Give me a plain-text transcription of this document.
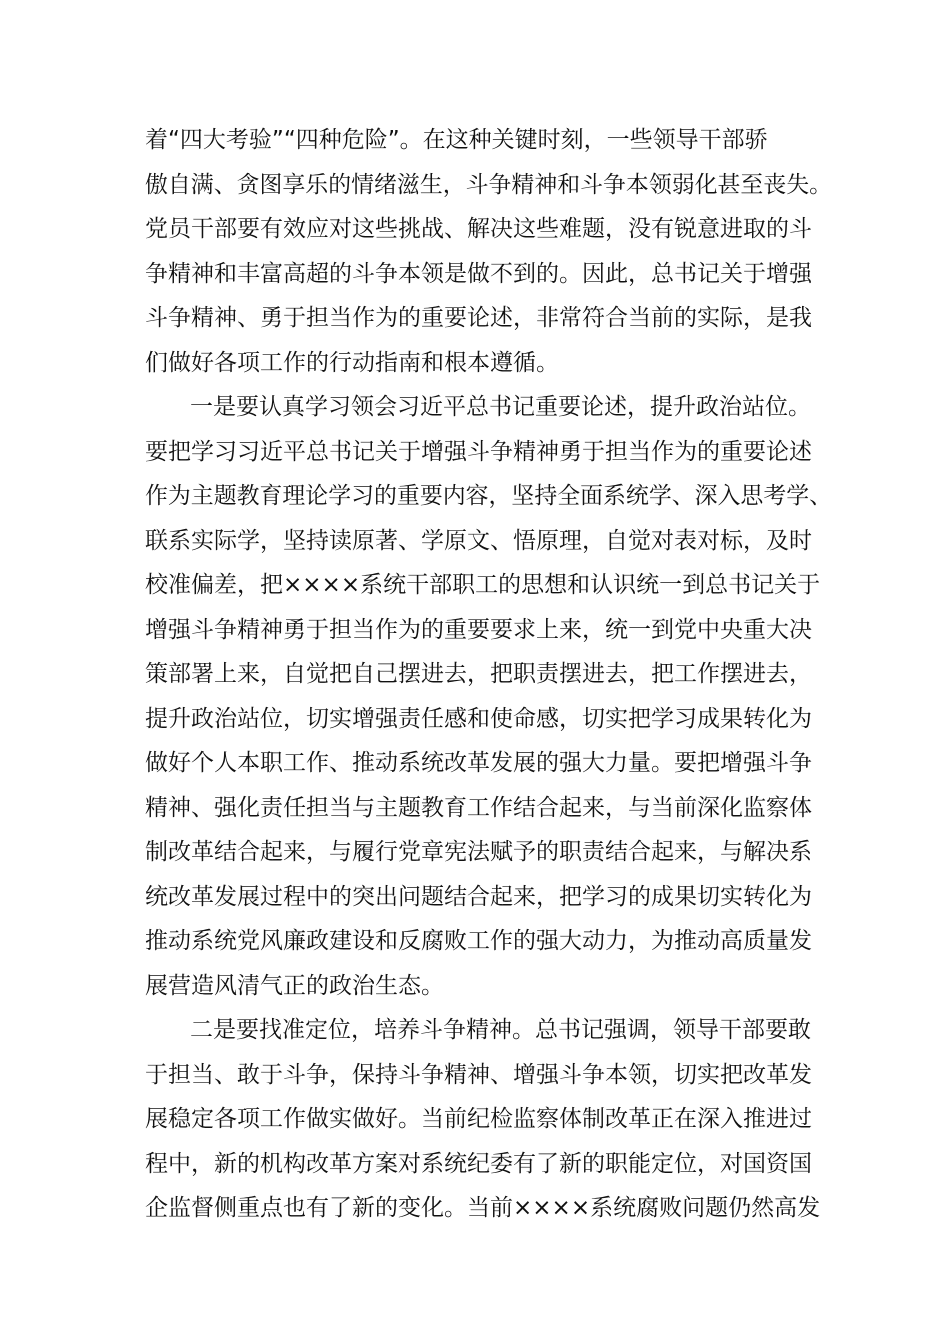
着“四大考验”“四种危险”。在这种关键时刻，一些领导干部骄
傲自满、贪图享乐的情绪滋生，斗争精神和斗争本领弱化甚至丧失。
党员干部要有效应对这些挑战、解决这些难题，没有锐意进取的斗
争精神和丰富高超的斗争本领是做不到的。因此，总书记关于增强
斗争精神、勇于担当作为的重要论述，非常符合当前的实际，是我
们做好各项工作的行动指南和根本遵循。
一是要认真学习领会习近平总书记重要论述，提升政治站位。
要把学习习近平总书记关于增强斗争精神勇于担当作为的重要论述
作为主题教育理论学习的重要内容，坚持全面系统学、深入思考学、
联系实际学，坚持读原著、学原文、悟原理，自觉对表对标，及时
校准偏差，把××××系统干部职工的思想和认识统一到总书记关于
增强斗争精神勇于担当作为的重要要求上来，统一到党中央重大决
策部署上来，自觉把自己摆进去，把职责摆进去，把工作摆进去，
提升政治站位，切实增强责任感和使命感，切实把学习成果转化为
做好个人本职工作、推动系统改革发展的强大力量。要把增强斗争
精神、强化责任担当与主题教育工作结合起来，与当前深化监察体
制改革结合起来，与履行党章宪法赋予的职责结合起来，与解决系
统改革发展过程中的突出问题结合起来，把学习的成果切实转化为
推动系统党风廉政建设和反腐败工作的强大动力，为推动高质量发
展营造风清气正的政治生态。
二是要找准定位，培养斗争精神。总书记强调，领导干部要敢
于担当、敢于斗争，保持斗争精神、增强斗争本领，切实把改革发
展稳定各项工作做实做好。当前纪检监察体制改革正在深入推进过
程中，新的机构改革方案对系统纪委有了新的职能定位，对国资国
企监督侧重点也有了新的变化。当前××××系统腐败问题仍然高发
